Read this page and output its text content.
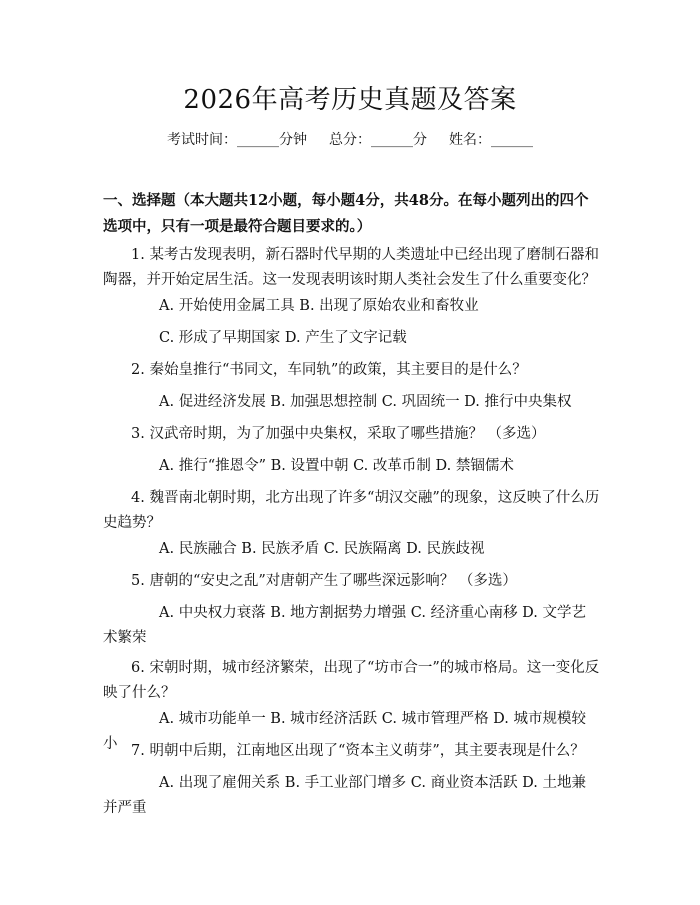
2026年高考历史真题及答案
考试时间：______分钟 总分：______分 姓名：______
一、选择题（本大题共12小题，每小题4分，共48分。在每小题列出的四个选项中，只有一项是最符合题目要求的。）
1. 某考古发现表明，新石器时代早期的人类遗址中已经出现了磨制石器和陶器，并开始定居生活。这一发现表明该时期人类社会发生了什么重要变化？
A. 开始使用金属工具 B. 出现了原始农业和畜牧业
C. 形成了早期国家 D. 产生了文字记载
2. 秦始皇推行“书同文，车同轨”的政策，其主要目的是什么？
A. 促进经济发展 B. 加强思想控制 C. 巩固统一 D. 推行中央集权
3. 汉武帝时期，为了加强中央集权，采取了哪些措施？ （多选）
A. 推行“推恩令” B. 设置中朝 C. 改革币制 D. 禁锢儒术
4. 魏晋南北朝时期，北方出现了许多“胡汉交融”的现象，这反映了什么历史趋势？
A. 民族融合 B. 民族矛盾 C. 民族隔离 D. 民族歧视
5. 唐朝的“安史之乱”对唐朝产生了哪些深远影响？ （多选）
A. 中央权力衰落 B. 地方割据势力增强 C. 经济重心南移 D. 文学艺术繁荣
6. 宋朝时期，城市经济繁荣，出现了“坊市合一”的城市格局。这一变化反映了什么？
A. 城市功能单一 B. 城市经济活跃 C. 城市管理严格 D. 城市规模较小 7. 明朝中后期，江南地区出现了“资本主义萌芽”，其主要表现是什么？
A. 出现了雇佣关系 B. 手工业部门增多 C. 商业资本活跃 D. 土地兼并严重
